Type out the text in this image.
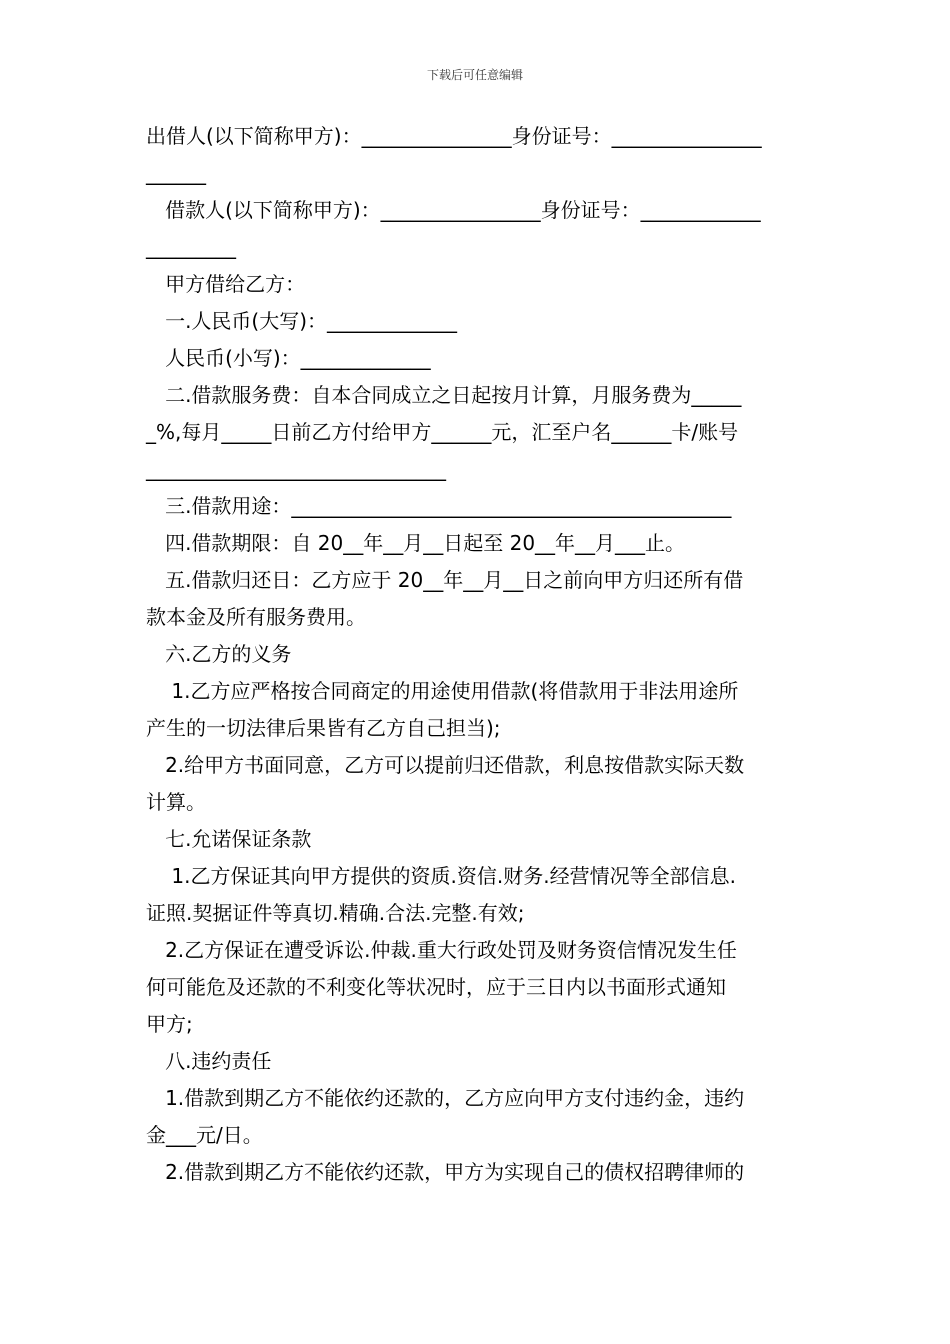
下载后可任意编辑
出借人(以下简称甲方)：_______________身份证号：_______________
______
借款人(以下简称甲方)：________________身份证号：____________
_________
甲方借给乙方：
一.人民币(大写)：_____________
人民币(小写)：_____________
二.借款服务费：自本合同成立之日起按月计算，月服务费为_____
_%,每月_____日前乙方付给甲方______元，汇至户名______卡/账号
______________________________
三.借款用途：____________________________________________
四.借款期限：自 20__年__月__日起至 20__年__月___止。
五.借款归还日：乙方应于 20__年__月__日之前向甲方归还所有借
款本金及所有服务费用。
六.乙方的义务
1.乙方应严格按合同商定的用途使用借款(将借款用于非法用途所
产生的一切法律后果皆有乙方自己担当);
2.给甲方书面同意，乙方可以提前归还借款，利息按借款实际天数
计算。
七.允诺保证条款
1.乙方保证其向甲方提供的资质.资信.财务.经营情况等全部信息.
证照.契据证件等真切.精确.合法.完整.有效;
2.乙方保证在遭受诉讼.仲裁.重大行政处罚及财务资信情况发生任
何可能危及还款的不利变化等状况时，应于三日内以书面形式通知
甲方;
八.违约责任
1.借款到期乙方不能依约还款的，乙方应向甲方支付违约金，违约
金___元/日。
2.借款到期乙方不能依约还款，甲方为实现自己的债权招聘律师的
